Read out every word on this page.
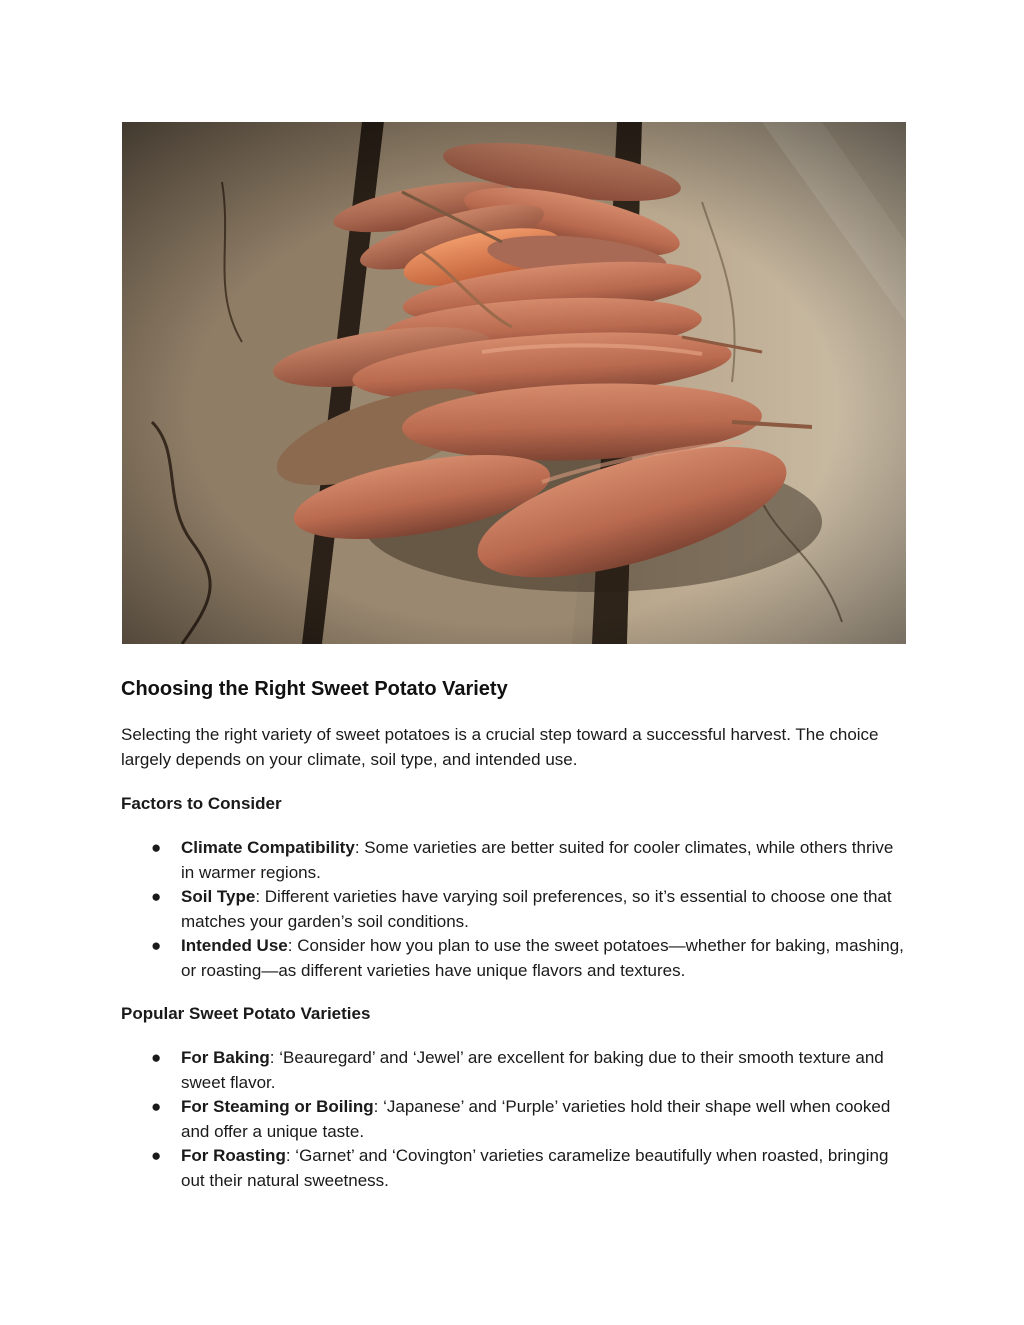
Choosing the Right Sweet Potato Variety

Selecting the right variety of sweet potatoes is a crucial step toward a successful harvest. The choice largely depends on your climate, soil type, and intended use.

Factors to Consider
● Climate Compatibility: Some varieties are better suited for cooler climates, while others thrive in warmer regions.
● Soil Type: Different varieties have varying soil preferences, so it’s essential to choose one that matches your garden’s soil conditions.
● Intended Use: Consider how you plan to use the sweet potatoes—whether for baking, mashing, or roasting—as different varieties have unique flavors and textures.
Popular Sweet Potato Varieties
● For Baking: ‘Beauregard’ and ‘Jewel’ are excellent for baking due to their smooth texture and sweet flavor.
● For Steaming or Boiling: ‘Japanese’ and ‘Purple’ varieties hold their shape well when cooked and offer a unique taste.
● For Roasting: ‘Garnet’ and ‘Covington’ varieties caramelize beautifully when roasted, bringing out their natural sweetness.
